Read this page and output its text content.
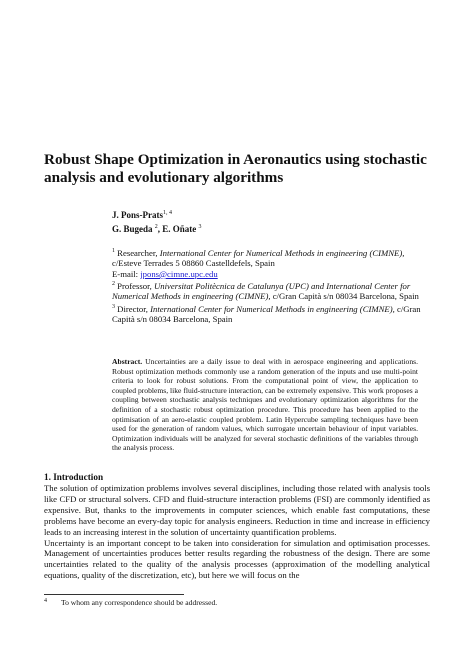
Robust Shape Optimization in Aeronautics using stochastic analysis and evolutionary algorithms
J. Pons-Prats$^{1, 4}$
G. Bugeda $^2$, E. Oñate $^3$
$^1$ Researcher, International Center for Numerical Methods in engineering (CIMNE),
c/Esteve Terrades 5 08860 Castelldefels, Spain
E-mail: jpons@cimne.upc.edu
$^2$ Professor, Universitat Politècnica de Catalunya (UPC) and International Center for Numerical Methods in engineering (CIMNE), c/Gran Capità s/n 08034 Barcelona, Spain
$^3$ Director, International Center for Numerical Methods in engineering (CIMNE), c/Gran Capità s/n 08034 Barcelona, Spain

Abstract. Uncertainties are a daily issue to deal with in aerospace engineering and applications. Robust optimization methods commonly use a random generation of the inputs and use multi-point criteria to look for robust solutions. From the computational point of view, the application to coupled problems, like fluid-structure interaction, can be extremely expensive. This work proposes a coupling between stochastic analysis techniques and evolutionary optimization algorithms for the definition of a stochastic robust optimization procedure. This procedure has been applied to the optimisation of an aero-elastic coupled problem. Latin Hypercube sampling techniques have been used for the generation of random values, which surrogate uncertain behaviour of input variables. Optimization individuals will be analyzed for several stochastic definitions of the variables through the analysis process.

1. Introduction

The solution of optimization problems involves several disciplines, including those related with analysis tools like CFD or structural solvers. CFD and fluid-structure interaction problems (FSI) are commonly identified as expensive. But, thanks to the improvements in computer sciences, which enable fast computations, these problems have become an every-day topic for analysis engineers. Reduction in time and increase in efficiency leads to an increasing interest in the solution of uncertainty quantification problems.

Uncertainty is an important concept to be taken into consideration for simulation and optimisation processes. Management of uncertainties produces better results regarding the robustness of the design. There are some uncertainties related to the quality of the analysis processes (approximation of the modelling analytical equations, quality of the discretization, etc), but here we will focus on the

$^4$ To whom any correspondence should be addressed.
